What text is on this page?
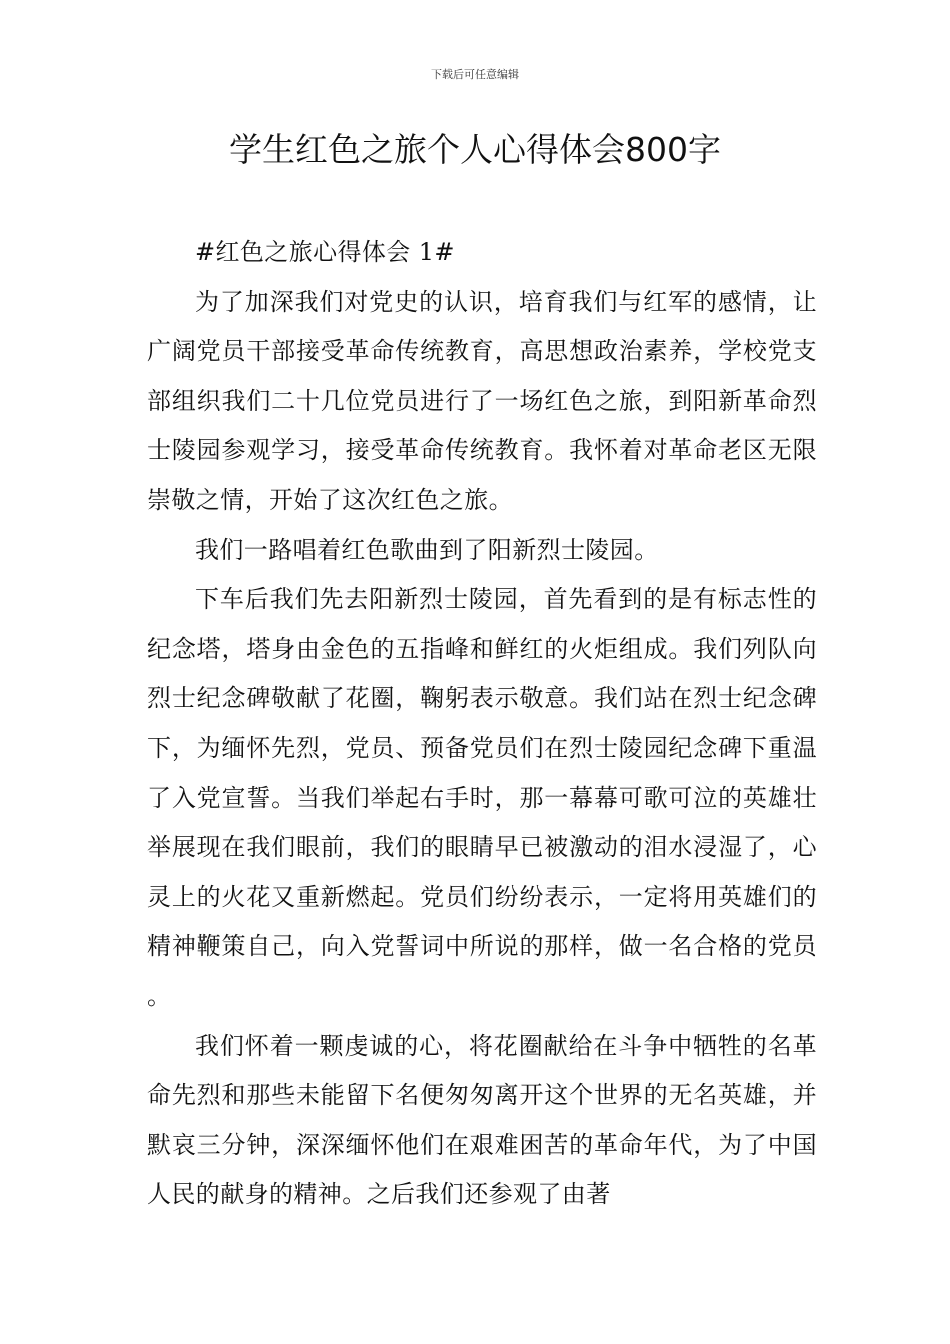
下载后可任意编辑
学生红色之旅个人心得体会800字

#红色之旅心得体会 1#

为了加深我们对党史的认识，培育我们与红军的感情，让广阔党员干部接受革命传统教育，高思想政治素养，学校党支部组织我们二十几位党员进行了一场红色之旅，到阳新革命烈士陵园参观学习，接受革命传统教育。我怀着对革命老区无限崇敬之情，开始了这次红色之旅。

我们一路唱着红色歌曲到了阳新烈士陵园。

下车后我们先去阳新烈士陵园，首先看到的是有标志性的纪念塔，塔身由金色的五指峰和鲜红的火炬组成。我们列队向烈士纪念碑敬献了花圈，鞠躬表示敬意。我们站在烈士纪念碑下，为缅怀先烈，党员、预备党员们在烈士陵园纪念碑下重温了入党宣誓。当我们举起右手时，那一幕幕可歌可泣的英雄壮举展现在我们眼前，我们的眼睛早已被激动的泪水浸湿了，心灵上的火花又重新燃起。党员们纷纷表示，一定将用英雄们的精神鞭策自己，向入党誓词中所说的那样，做一名合格的党员。

我们怀着一颗虔诚的心，将花圈献给在斗争中牺牲的名革命先烈和那些未能留下名便匆匆离开这个世界的无名英雄，并默哀三分钟，深深缅怀他们在艰难困苦的革命年代，为了中国人民的献身的精神。之后我们还参观了由著
